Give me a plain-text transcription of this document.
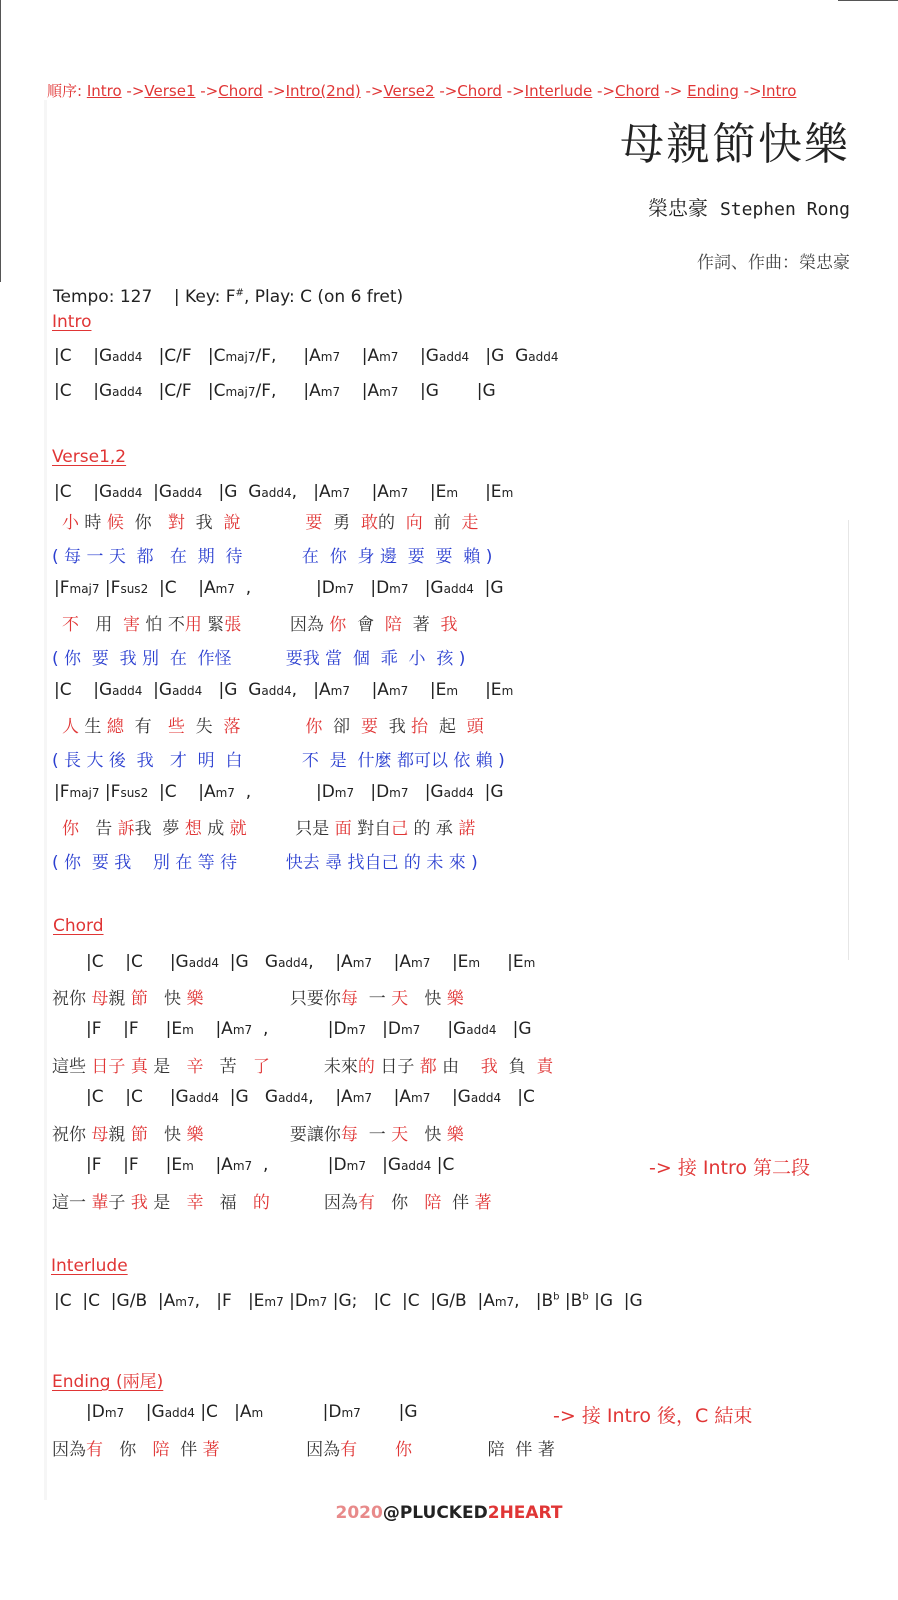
順序: Intro ->Verse1 ->Chord ->Intro(2nd) ->Verse2 ->Chord ->Interlude ->Chord -> Ending ->Intro
母親節快樂
榮忠豪 Stephen Rong
作詞、作曲：榮忠豪
Tempo: 127 | Key: F#, Play: C (on 6 fret)
Intro
Verse1,2
Chord
Interlude
Ending (兩尾)
-> 接 Intro 第二段
-> 接 Intro 後，C 結束
|C    |Gadd4   |C/F   |Cmaj7/F,     |Am7    |Am7    |Gadd4   |G  Gadd4
|C    |Gadd4   |C/F   |Cmaj7/F,     |Am7    |Am7    |G       |G
|C    |Gadd4  |Gadd4   |G  Gadd4,   |Am7    |Am7    |Em     |Em
小 時 候  你   對  我  說	要  勇  敢的  向  前  走
( 每 一 天  都   在  期  待           在  你  身 邊  要  要  賴 )
|Fmaj7 |Fsus2  |C    |Am7  ,            |Dm7   |Dm7   |Gadd4  |G
不   用  害 怕 不用 緊張         因為 你  會  陪  著  我
( 你  要  我 別  在  作怪          要我 當  個  乖  小  孩 )
|C    |Gadd4  |Gadd4   |G  Gadd4,   |Am7    |Am7    |Em     |Em
人 生 總  有   些  失  落	你  卻  要  我 抬  起  頭
( 長 大 後  我   才  明  白           不  是  什麼 都可以 依 賴 )
|Fmaj7 |Fsus2  |C    |Am7  ,            |Dm7   |Dm7   |Gadd4  |G
你   告 訴我  夢 想 成 就         只是 面 對自己 的 承 諾
( 你  要 我    別 在 等 待         快去 尋 找自己 的 未 來 )
|C    |C     |Gadd4  |G   Gadd4,    |Am7    |Am7    |Em     |Em
祝你 母親 節   快 樂                只要你每  一 天   快 樂
|F    |F     |Em    |Am7  ,           |Dm7   |Dm7     |Gadd4   |G
這些 日子 真 是   辛   苦   了          未來的 日子 都 由    我  負  責
|C    |C     |Gadd4  |G   Gadd4,    |Am7    |Am7    |Gadd4   |C
祝你 母親 節   快 樂                要讓你每  一 天   快 樂
|F    |F     |Em    |Am7  ,           |Dm7   |Gadd4 |C
這一 輩子 我 是   幸   福   的          因為有   你   陪  伴 著
|C  |C  |G/B  |Am7,   |F   |Em7 |Dm7 |G;   |C  |C  |G/B  |Am7,   $|B^b$ $|B^b$ |G  |G
|Dm7    |Gadd4 |C   |Am           |Dm7       |G
因為有   你   陪  伴 著                因為有 你              陪  伴 著
2020@PLUCKED2HEART
